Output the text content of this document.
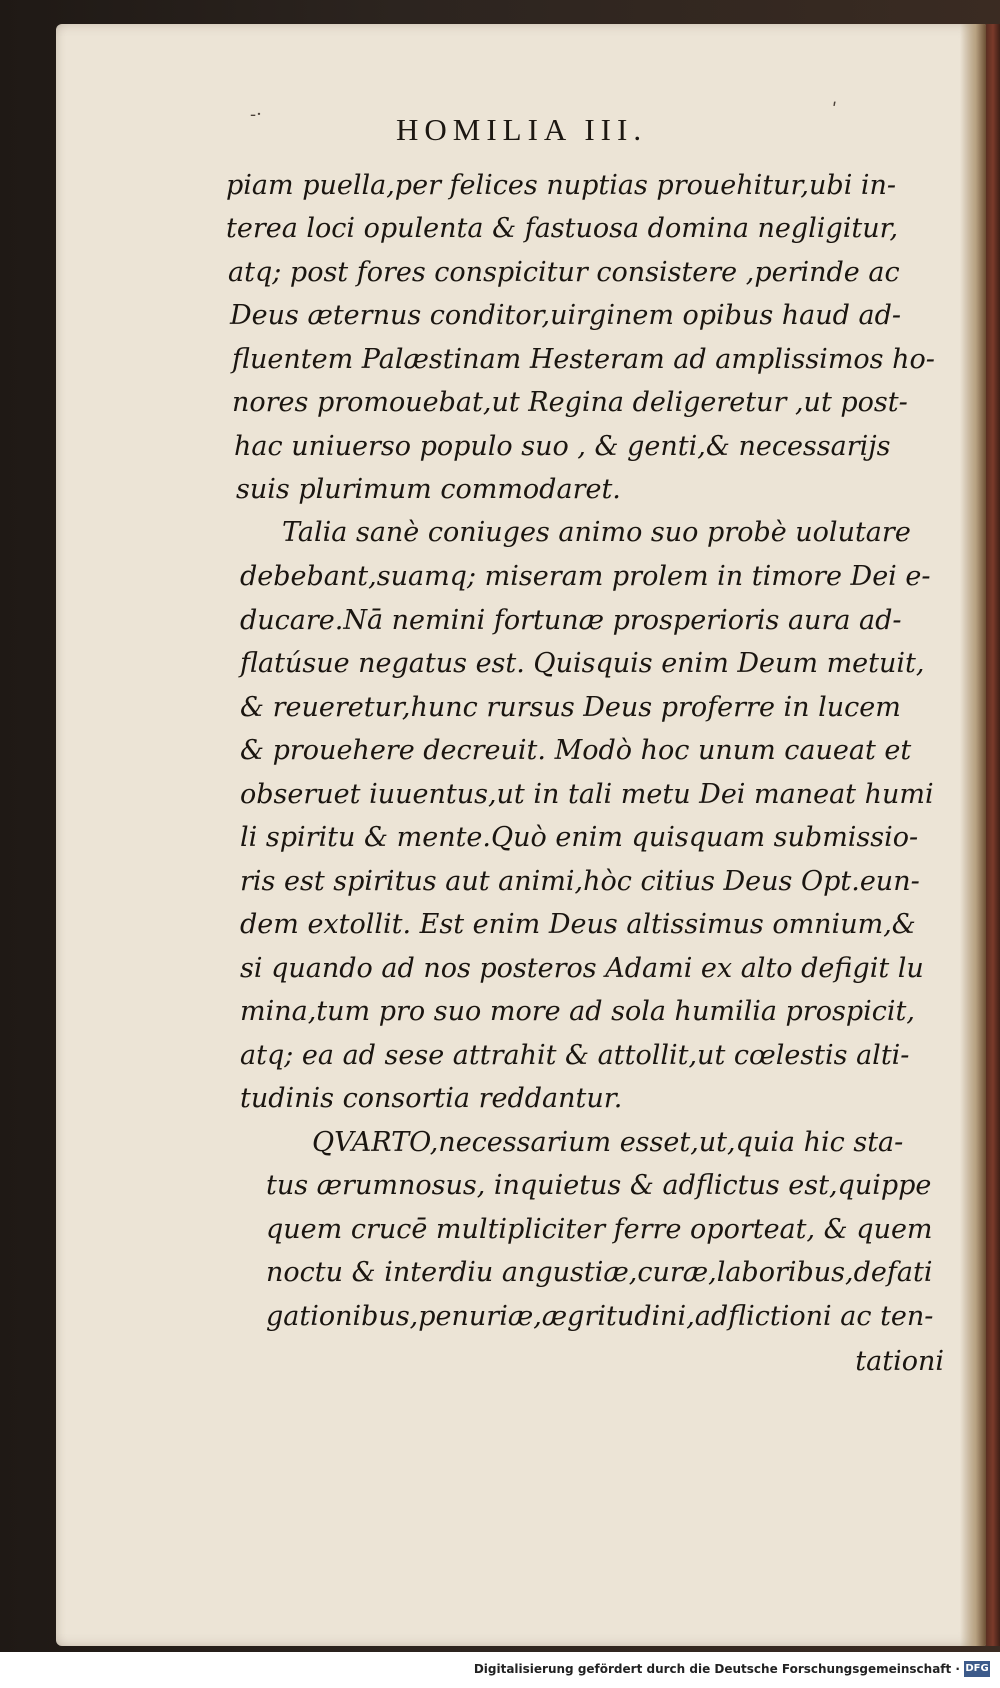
‑·	ʹ
HOMILIA III.
piam puella,per felices nuptias prouehitur,ubi in-
terea loci opulenta & fastuosa domina negligitur,
atq; post fores conspicitur consistere ,perinde ac
Deus æternus conditor,uirginem opibus haud ad-
fluentem Palæstinam Hesteram ad amplissimos ho-
nores promouebat,ut Regina deligeretur ,ut post-
hac uniuerso populo suo , & genti,& necessarijs
suis plurimum commodaret.
Talia sanè coniuges animo suo probè uolutare
debebant,suamq; miseram prolem in timore Dei e-
ducare.Nā nemini fortunæ prosperioris aura ad-
flatúsue negatus est. Quisquis enim Deum metuit,
& reueretur,hunc rursus Deus proferre in lucem
& prouehere decreuit. Modò hoc unum caueat et
obseruet iuuentus,ut in tali metu Dei maneat humi
li spiritu & mente.Quò enim quisquam submissio-
ris est spiritus aut animi,hòc citius Deus Opt.eun-
dem extollit. Est enim Deus altissimus omnium,&
si quando ad nos posteros Adami ex alto defigit lu
mina,tum pro suo more ad sola humilia prospicit,
atq; ea ad sese attrahit & attollit,ut cœlestis alti-
tudinis consortia reddantur.
QVARTO,necessarium esset,ut,quia hic sta-
tus ærumnosus, inquietus & adflictus est,quippe
quem crucē multipliciter ferre oporteat, & quem
noctu & interdiu angustiæ,curæ,laboribus,defati
gationibus,penuriæ,ægritudini,adflictioni ac ten-
tationi
Digitalisierung gefördert durch die Deutsche Forschungsgemeinschaft · DFG
